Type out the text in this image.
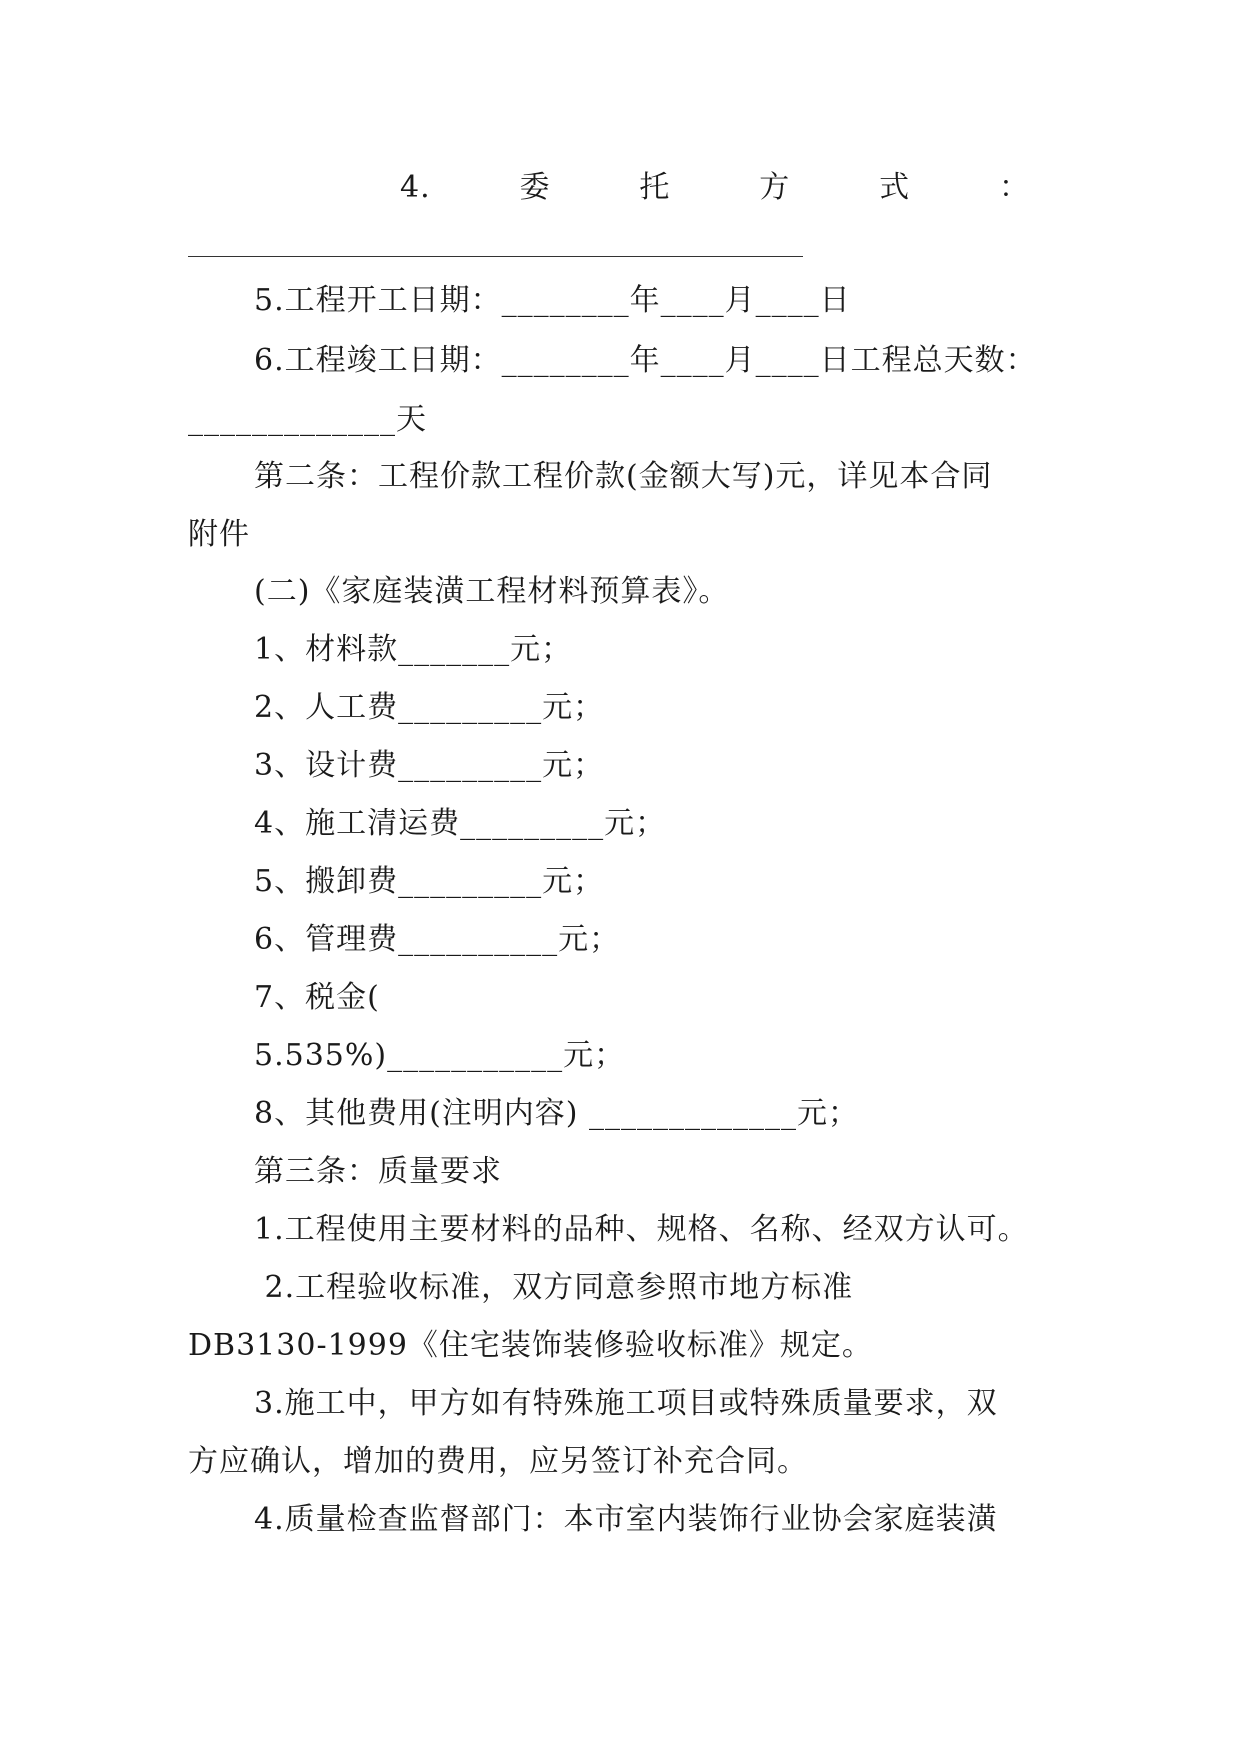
4.	委	托	方	式	：
5.工程开工日期：________年____月____日
6.工程竣工日期：________年____月____日工程总天数：
_____________天
第二条：工程价款工程价款(金额大写)元，详见本合同
附件
(二)《家庭装潢工程材料预算表》。
1、材料款_______元；
2、人工费_________元；
3、设计费_________元；
4、施工清运费_________元；
5、搬卸费_________元；
6、管理费__________元；
7、税金(
5.535%)___________元；
8、其他费用(注明内容) _____________元；
第三条：质量要求
1.工程使用主要材料的品种、规格、名称、经双方认可。
2.工程验收标准，双方同意参照市地方标准
DB3130-1999《住宅装饰装修验收标准》规定。
3.施工中，甲方如有特殊施工项目或特殊质量要求，双
方应确认，增加的费用，应另签订补充合同。
4.质量检查监督部门：本市室内装饰行业协会家庭装潢
